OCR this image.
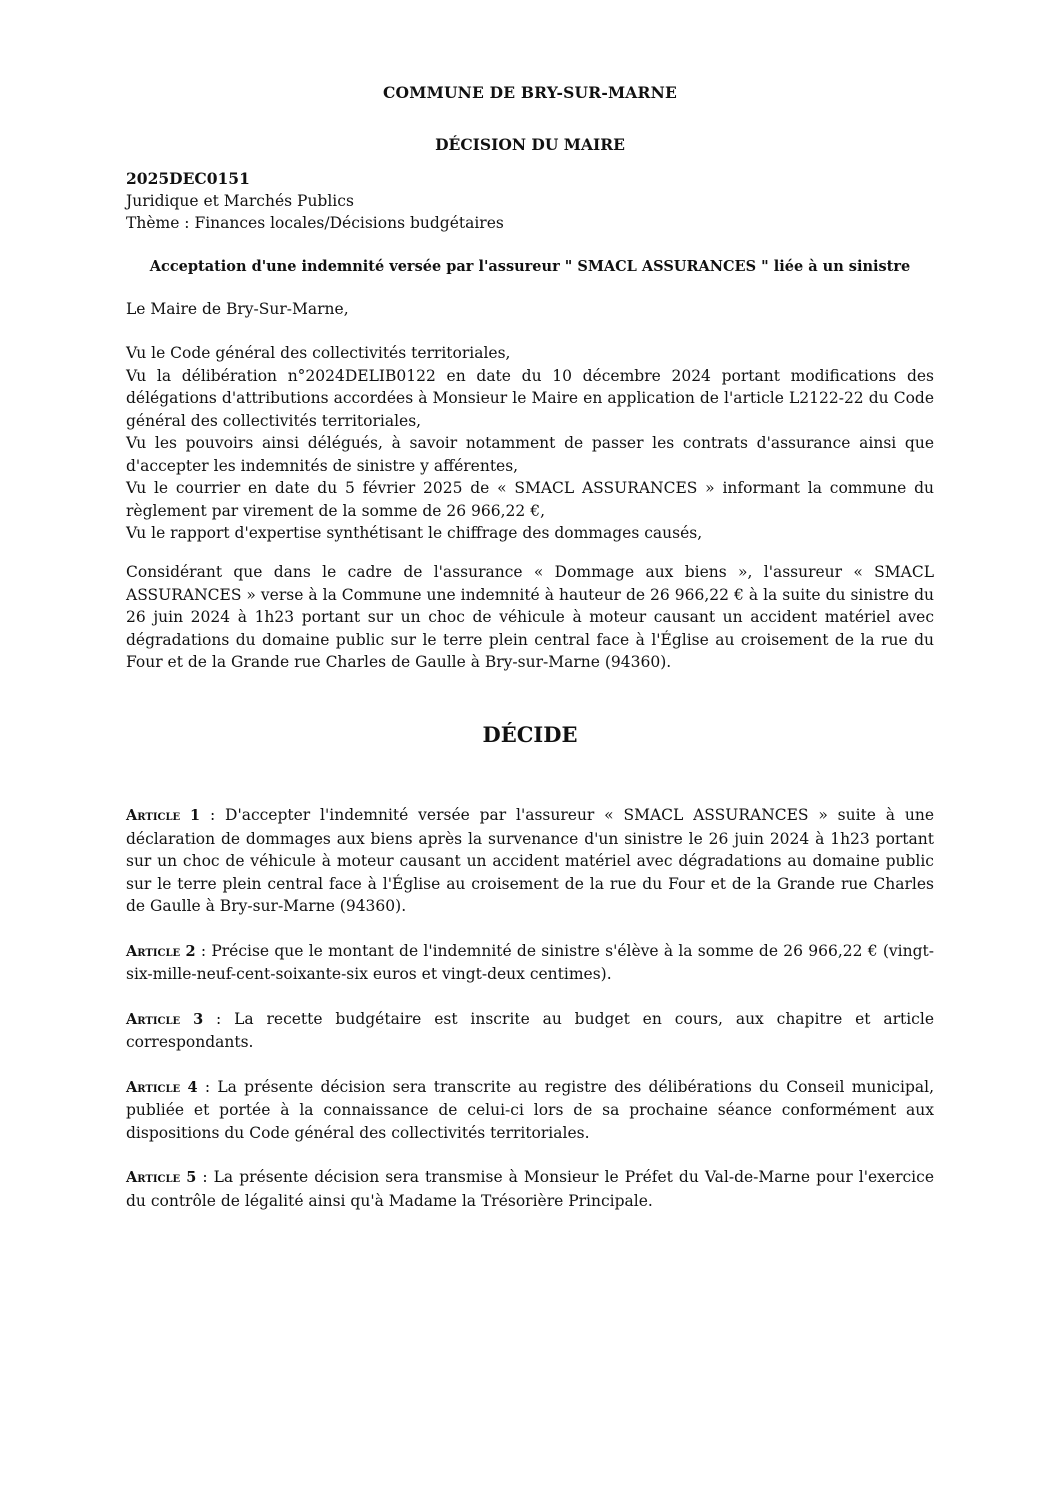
COMMUNE DE BRY-SUR-MARNE
DÉCISION DU MAIRE
2025DEC0151
Juridique et Marchés Publics
Thème : Finances locales/Décisions budgétaires
Acceptation d'une indemnité versée par l'assureur " SMACL ASSURANCES " liée à un sinistre
Le Maire de Bry-Sur-Marne,

Vu le Code général des collectivités territoriales,

Vu la délibération n°2024DELIB0122 en date du 10 décembre 2024 portant modifications des délégations d'attributions accordées à Monsieur le Maire en application de l'article L2122-22 du Code général des collectivités territoriales,

Vu les pouvoirs ainsi délégués, à savoir notamment de passer les contrats d'assurance ainsi que d'accepter les indemnités de sinistre y afférentes,

Vu le courrier en date du 5 février 2025 de « SMACL ASSURANCES » informant la commune du règlement par virement de la somme de 26 966,22 €,

Vu le rapport d'expertise synthétisant le chiffrage des dommages causés,

Considérant que dans le cadre de l'assurance « Dommage aux biens », l'assureur « SMACL ASSURANCES » verse à la Commune une indemnité à hauteur de 26 966,22 € à la suite du sinistre du 26 juin 2024 à 1h23 portant sur un choc de véhicule à moteur causant un accident matériel avec dégradations du domaine public sur le terre plein central face à l'Église au croisement de la rue du Four et de la Grande rue Charles de Gaulle à Bry-sur-Marne (94360).

DÉCIDE

Article 1 : D'accepter l'indemnité versée par l'assureur « SMACL ASSURANCES » suite à une déclaration de dommages aux biens après la survenance d'un sinistre le 26 juin 2024 à 1h23 portant sur un choc de véhicule à moteur causant un accident matériel avec dégradations au domaine public sur le terre plein central face à l'Église au croisement de la rue du Four et de la Grande rue Charles de Gaulle à Bry-sur-Marne (94360).

Article 2 : Précise que le montant de l'indemnité de sinistre s'élève à la somme de 26 966,22 € (vingt-six-mille-neuf-cent-soixante-six euros et vingt-deux centimes).

Article 3 : La recette budgétaire est inscrite au budget en cours, aux chapitre et article correspondants.

Article 4 : La présente décision sera transcrite au registre des délibérations du Conseil municipal, publiée et portée à la connaissance de celui-ci lors de sa prochaine séance conformément aux dispositions du Code général des collectivités territoriales.

Article 5 : La présente décision sera transmise à Monsieur le Préfet du Val-de-Marne pour l'exercice du contrôle de légalité ainsi qu'à Madame la Trésorière Principale.
